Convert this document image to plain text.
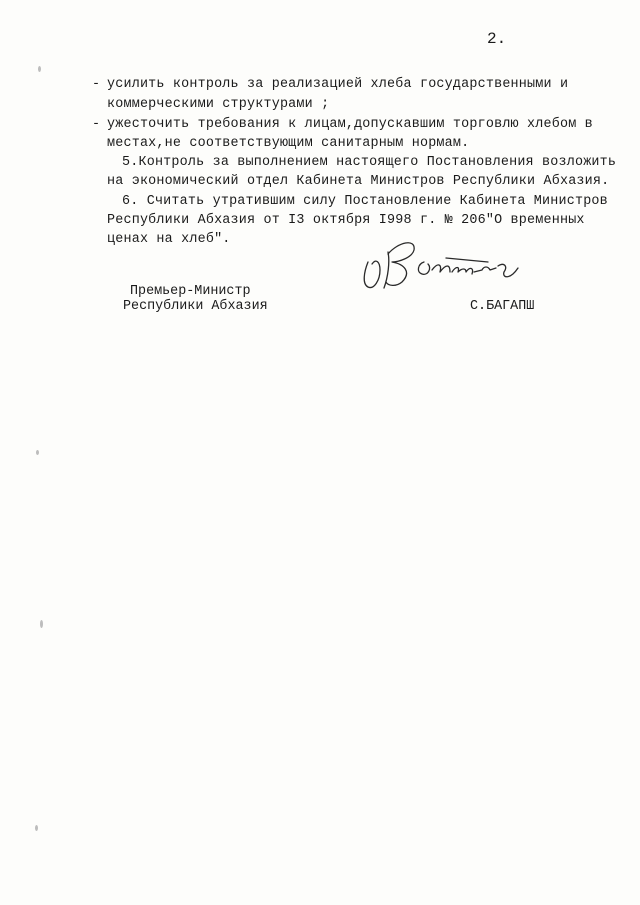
2.
- усилить контроль за реализацией хлеба государственными и
коммерческими структурами ;
- ужесточить требования к лицам,допускавшим торговлю хлебом в
местах,не соответствующим санитарным нормам.
5.Контроль за выполнением настоящего Постановления возложить
на экономический отдел Кабинета Министров Республики Абхазия.
6. Считать утратившим силу Постановление Кабинета Министров
Республики Абхазия от I3 октября I998 г. № 206"О временных
ценах на хлеб".
Премьер-Министр
Республики Абхазия	С.БАГАПШ
